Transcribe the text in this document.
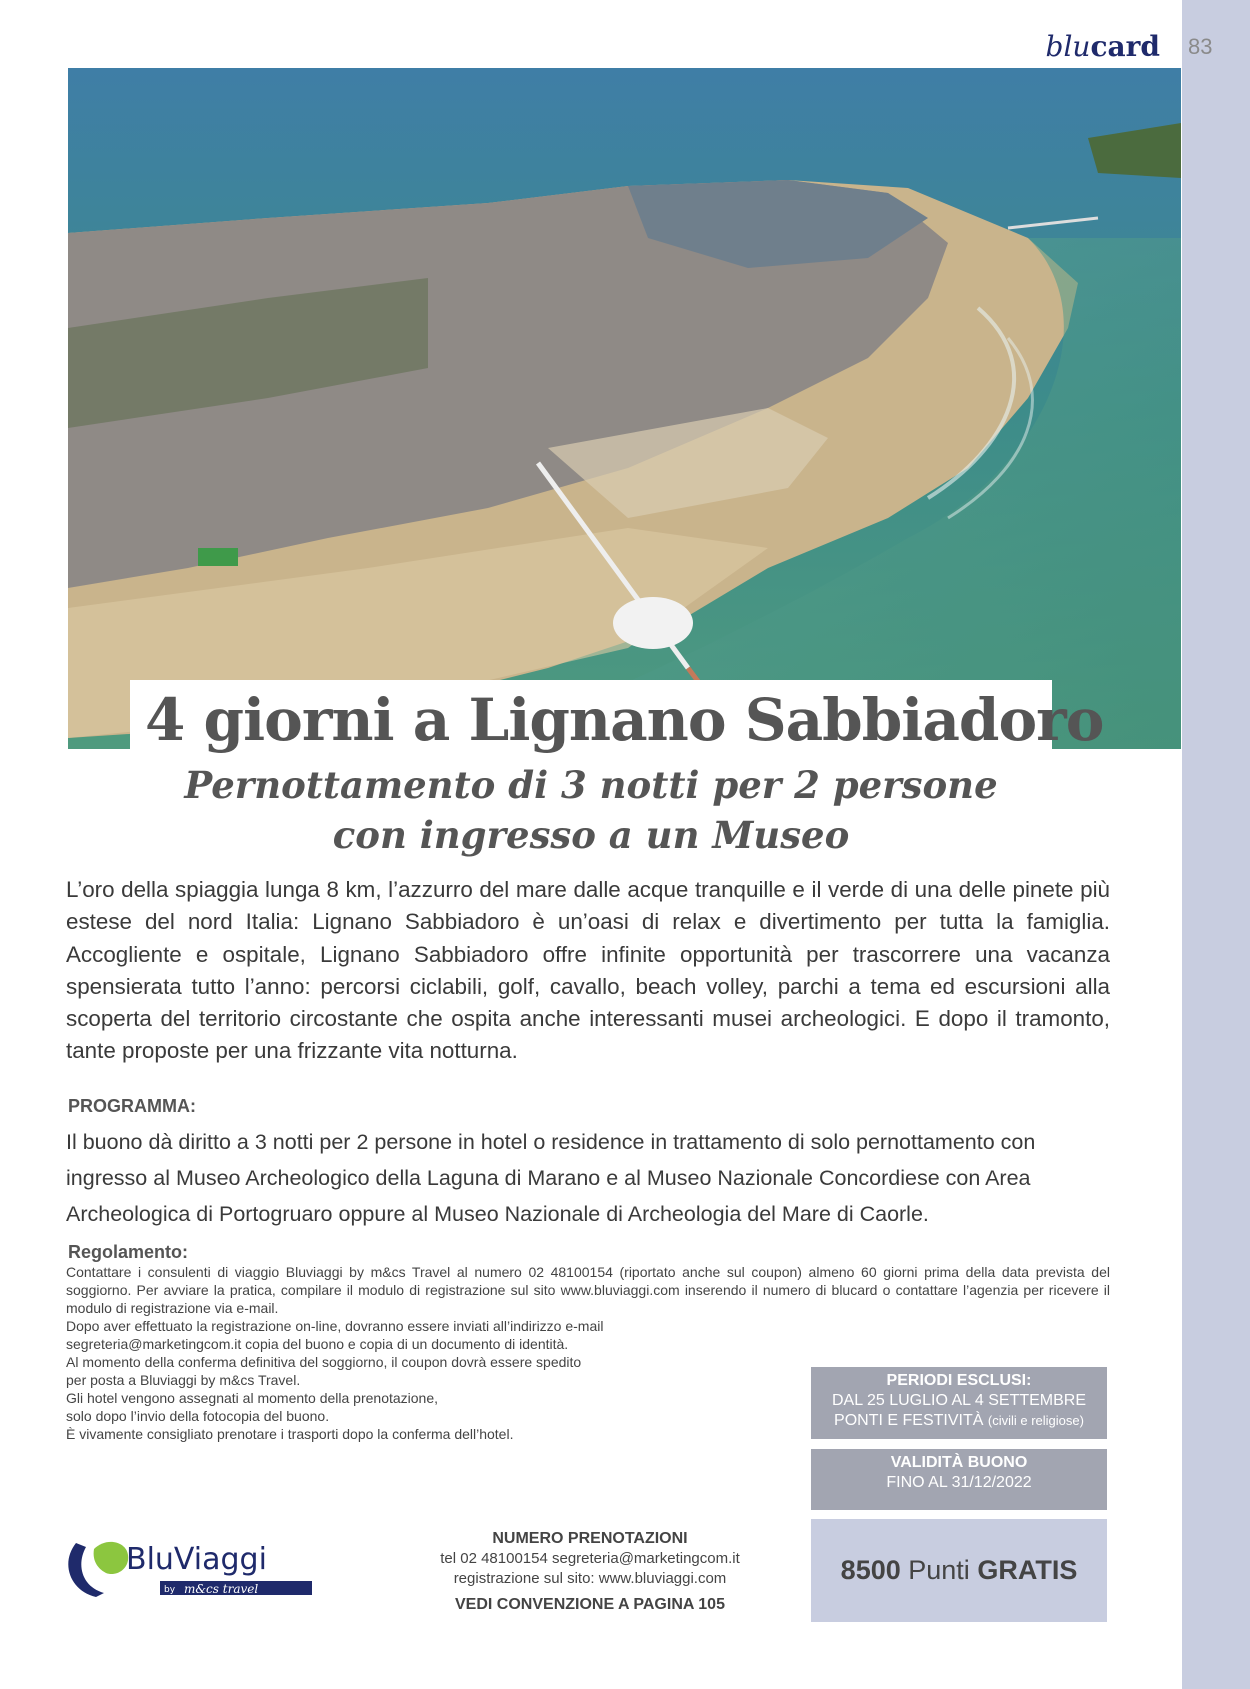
blucard 83
4 giorni a Lignano Sabbiadoro
Pernottamento di 3 notti per 2 persone
con ingresso a un Museo
L’oro della spiaggia lunga 8 km, l’azzurro del mare dalle acque tranquille e il verde di una delle pinete più estese del nord Italia: Lignano Sabbiadoro è un’oasi di relax e divertimento per tutta la famiglia. Accogliente e ospitale, Lignano Sabbiadoro offre infinite opportunità per trascorrere una vacanza spensierata tutto l’anno: percorsi ciclabili, golf, cavallo, beach volley, parchi a tema ed escursioni alla scoperta del territorio circostante che ospita anche interessanti musei archeologici. E dopo il tramonto, tante proposte per una frizzante vita notturna.
PROGRAMMA:
Il buono dà diritto a 3 notti per 2 persone in hotel o residence in trattamento di solo pernottamento con ingresso al Museo Archeologico della Laguna di Marano e al Museo Nazionale Concordiese con Area Archeologica di Portogruaro oppure al Museo Nazionale di Archeologia del Mare di Caorle.
Regolamento:
Contattare i consulenti di viaggio Bluviaggi by m&cs Travel al numero 02 48100154 (riportato anche sul coupon) almeno 60 giorni prima della data prevista del soggiorno. Per avviare la pratica, compilare il modulo di registrazione sul sito www.bluviaggi.com inserendo il numero di blucard o contattare l’agenzia per ricevere il modulo di registrazione via e-mail.
Dopo aver effettuato la registrazione on-line, dovranno essere inviati all’indirizzo e-mail
segreteria@marketingcom.it copia del buono e copia di un documento di identità.
Al momento della conferma definitiva del soggiorno, il coupon dovrà essere spedito
per posta a Bluviaggi by m&cs Travel.
Gli hotel vengono assegnati al momento della prenotazione,
solo dopo l’invio della fotocopia del buono.
È vivamente consigliato prenotare i trasporti dopo la conferma dell’hotel.
PERIODI ESCLUSI:
DAL 25 LUGLIO AL 4 SETTEMBRE
PONTI E FESTIVITÀ (civili e religiose)
VALIDITÀ BUONO
FINO AL 31/12/2022
8500 Punti GRATIS
BluViaggi
by m&cs travel
NUMERO PRENOTAZIONI
tel 02 48100154 segreteria@marketingcom.it
registrazione sul sito: www.bluviaggi.com
VEDI CONVENZIONE A PAGINA 105
